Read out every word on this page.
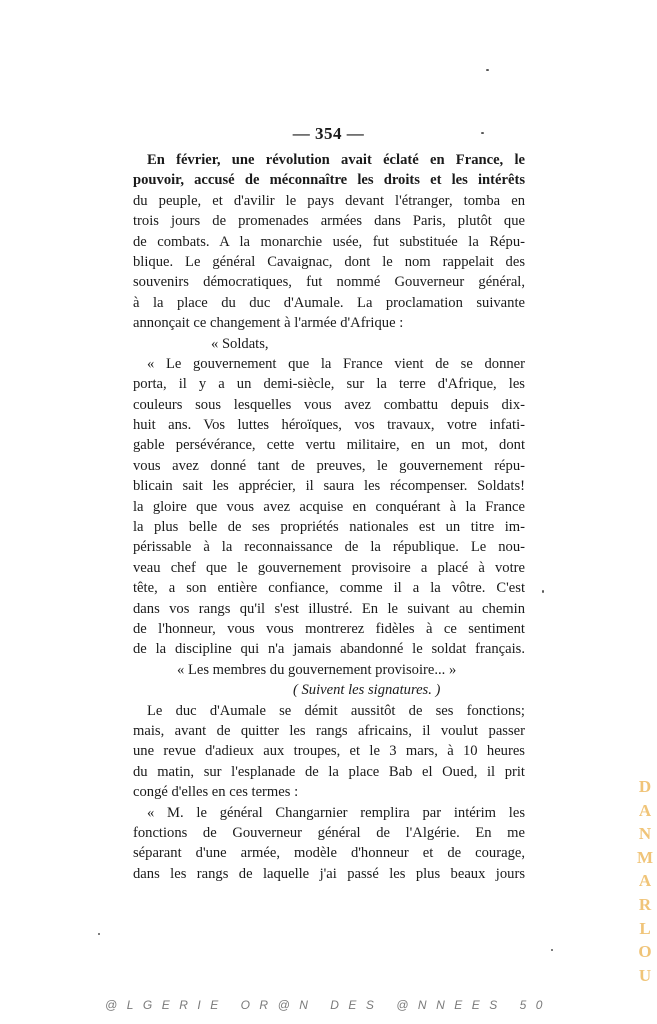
— 354 —
En février, une révolution avait éclaté en France, le
pouvoir, accusé de méconnaître les droits et les intérêts
du peuple, et d'avilir le pays devant l'étranger, tomba en
trois jours de promenades armées dans Paris, plutôt que
de combats. A la monarchie usée, fut substituée la Répu-
blique. Le général Cavaignac, dont le nom rappelait des
souvenirs démocratiques, fut nommé Gouverneur général,
à la place du duc d'Aumale. La proclamation suivante
annonçait ce changement à l'armée d'Afrique :
« Soldats,
« Le gouvernement que la France vient de se donner
porta, il y a un demi-siècle, sur la terre d'Afrique, les
couleurs sous lesquelles vous avez combattu depuis dix-
huit ans. Vos luttes héroïques, vos travaux, votre infati-
gable persévérance, cette vertu militaire, en un mot, dont
vous avez donné tant de preuves, le gouvernement répu-
blicain sait les apprécier, il saura les récompenser. Soldats!
la gloire que vous avez acquise en conquérant à la France
la plus belle de ses propriétés nationales est un titre im-
périssable à la reconnaissance de la république. Le nou-
veau chef que le gouvernement provisoire a placé à votre
tête, a son entière confiance, comme il a la vôtre. C'est
dans vos rangs qu'il s'est illustré. En le suivant au chemin
de l'honneur, vous vous montrerez fidèles à ce sentiment
de la discipline qui n'a jamais abandonné le soldat français.
« Les membres du gouvernement provisoire... »
( Suivent les signatures. )
Le duc d'Aumale se démit aussitôt de ses fonctions;
mais, avant de quitter les rangs africains, il voulut passer
une revue d'adieux aux troupes, et le 3 mars, à 10 heures
du matin, sur l'esplanade de la place Bab el Oued, il prit
congé d'elles en ces termes :
« M. le général Changarnier remplira par intérim les
fonctions de Gouverneur général de l'Algérie. En me
séparant d'une armée, modèle d'honneur et de courage,
dans les rangs de laquelle j'ai passé les plus beaux jours
D
A
N
M
A
R
L
O
U
@LGERIE OR@N DES @NNEES 50
